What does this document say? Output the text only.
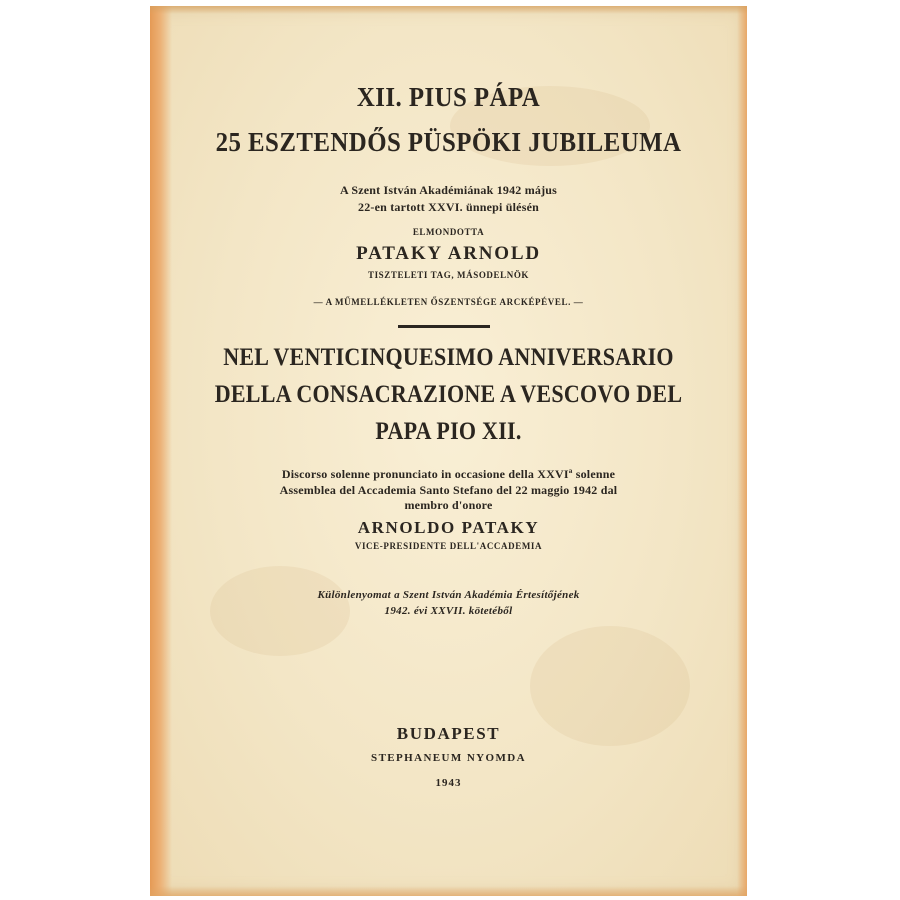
XII. PIUS PÁPA
25 ESZTENDŐS PÜSPÖKI JUBILEUMA
A Szent István Akadémiának 1942 május
22-en tartott XXVI. ünnepi ülésén
ELMONDOTTA
PATAKY ARNOLD
TISZTELETI TAG, MÁSODELNÖK
— A MŰMELLÉKLETEN ŐSZENTSÉGE ARCKÉPÉVEL. —
NEL VENTICINQUESIMO ANNIVERSARIO
DELLA CONSACRAZIONE A VESCOVO DEL
PAPA PIO XII.
Discorso solenne pronunciato in occasione della XXVIª solenne
Assemblea del Accademia Santo Stefano del 22 maggio 1942 dal
membro d'onore
ARNOLDO PATAKY
VICE-PRESIDENTE DELL'ACCADEMIA
Különlenyomat a Szent István Akadémia Értesítőjének
1942. évi XXVII. kötetéből
BUDAPEST
STEPHANEUM NYOMDA
1943
